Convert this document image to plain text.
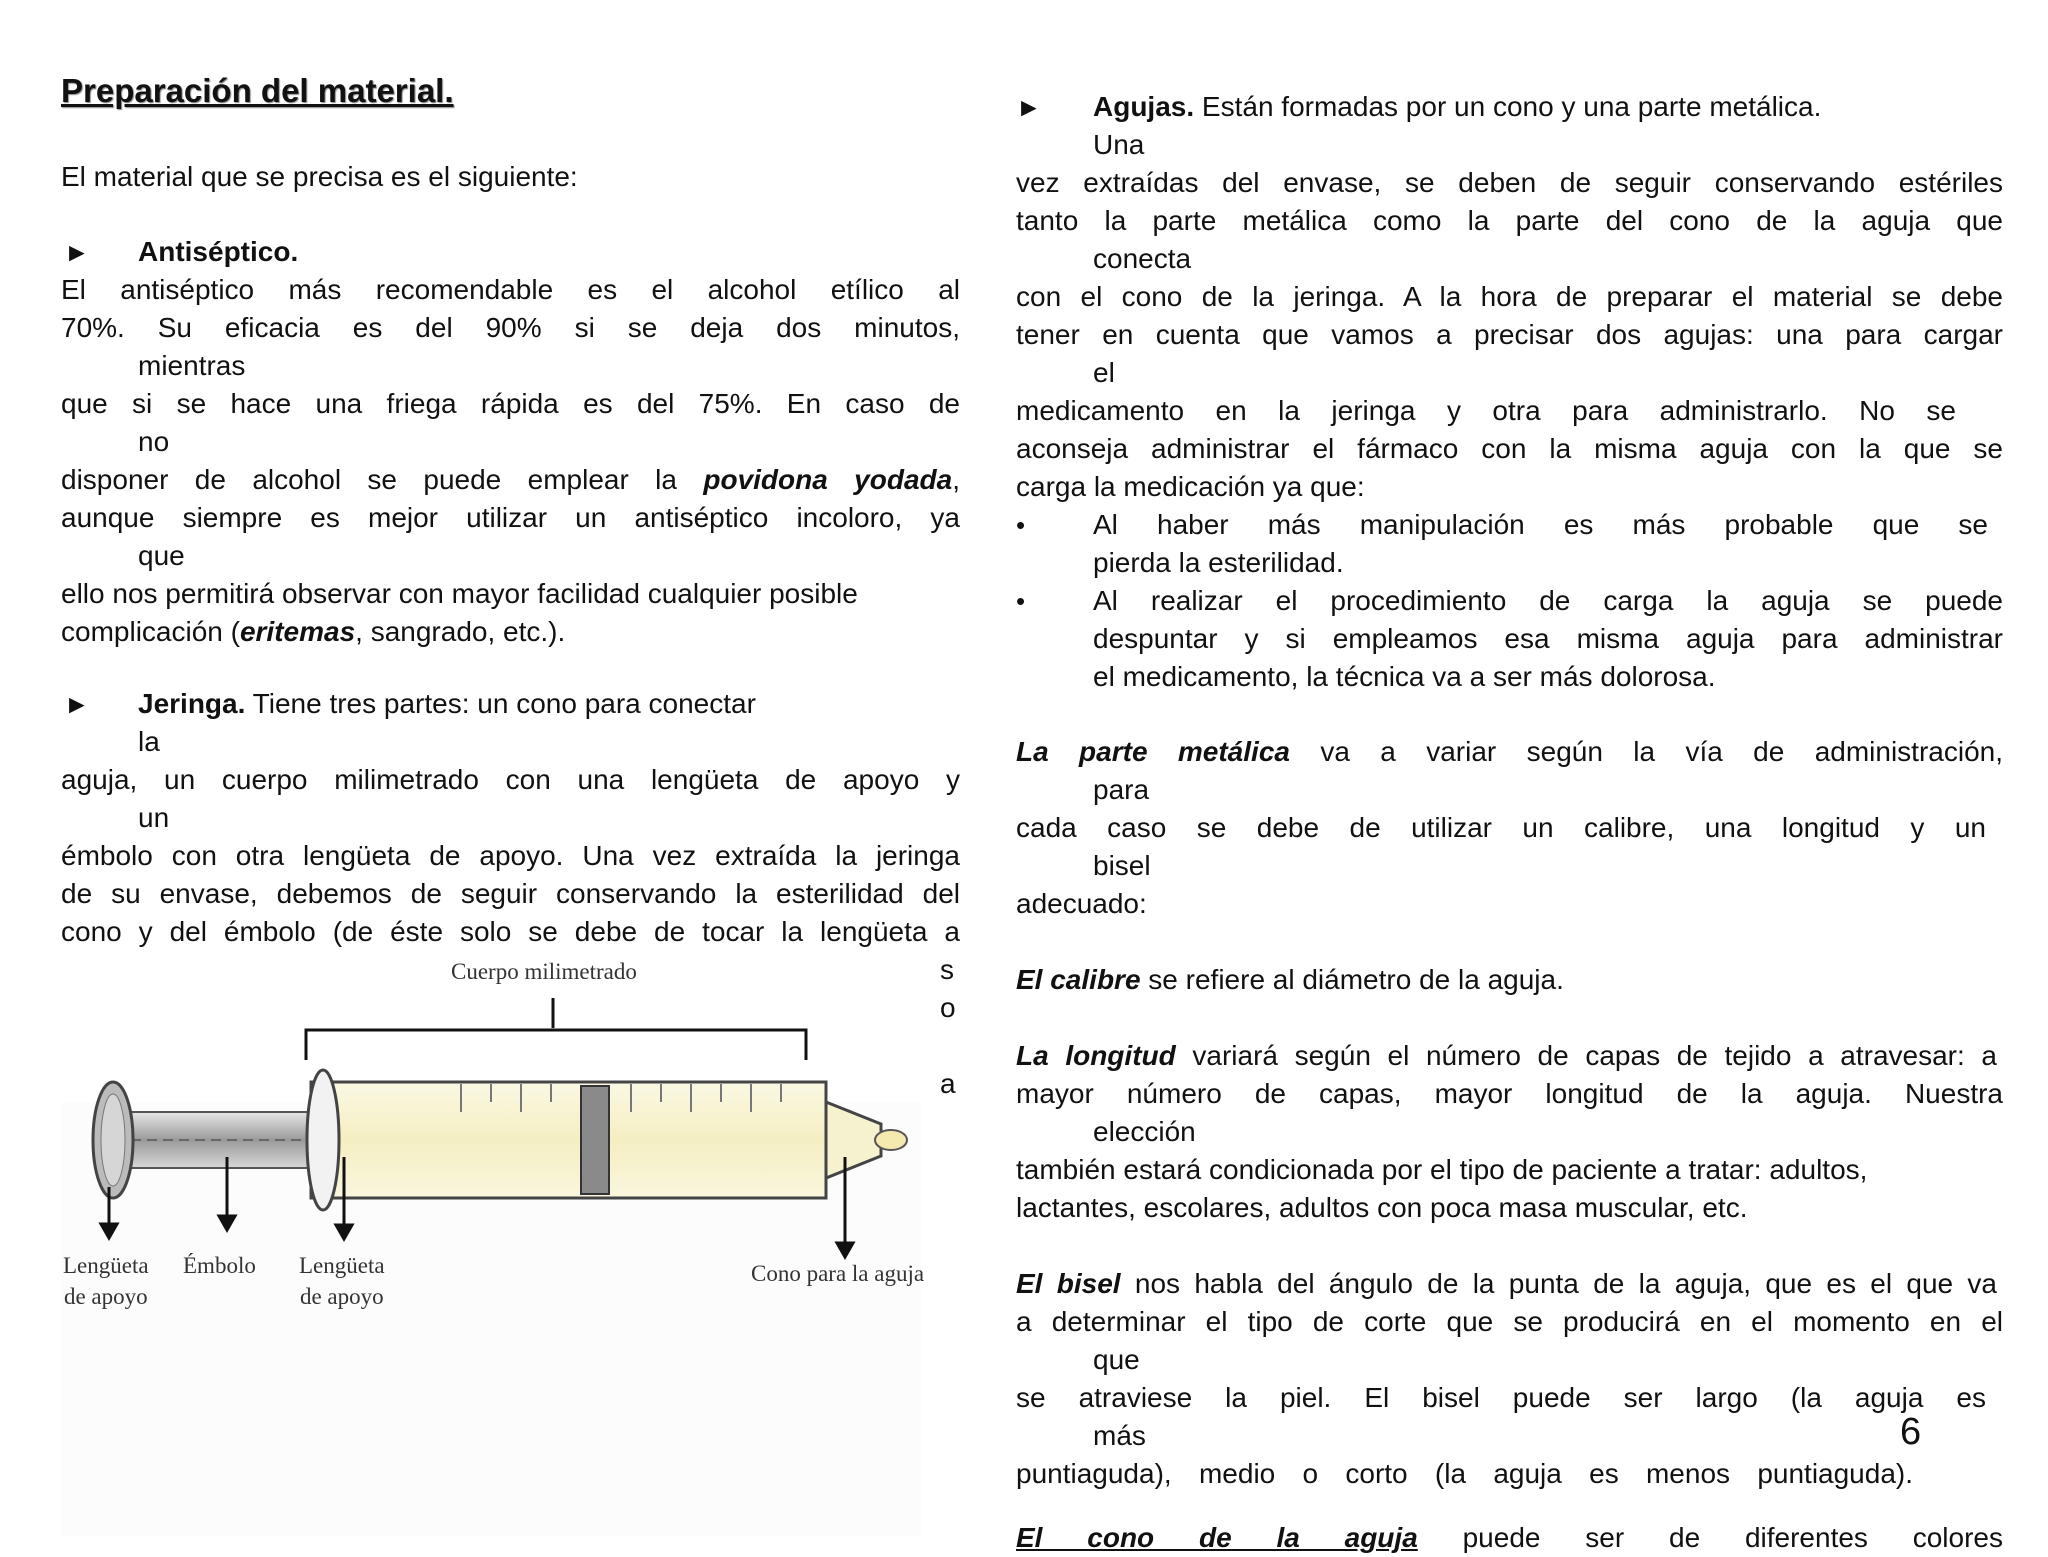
Preparación del material.
El material que se precisa es el siguiente:
► Antiséptico.
El antiséptico más recomendable es el alcohol etílico al
70%. Su eficacia es del 90% si se deja dos minutos,
mientras
que si se hace una friega rápida es del 75%. En caso de
no
disponer de alcohol se puede emplear la povidona yodada,
aunque siempre es mejor utilizar un antiséptico incoloro, ya
que
ello nos permitirá observar con mayor facilidad cualquier posible
complicación (eritemas, sangrado, etc.).
► Jeringa. Tiene tres partes: un cono para conectar
la
aguja, un cuerpo milimetrado con una lengüeta de apoyo y
un
émbolo con otra lengüeta de apoyo. Una vez extraída la jeringa
de su envase, debemos de seguir conservando la esterilidad del
cono y del émbolo (de éste solo se debe de tocar la lengüeta a
Cuerpo milimetrado
Lengüeta
de apoyo
Émbolo Lengüeta
de apoyo
Cono para la aguja
s
o
a
► Agujas. Están formadas por un cono y una parte metálica.
Una
vez extraídas del envase, se deben de seguir conservando estériles
tanto la parte metálica como la parte del cono de la aguja que
conecta
con el cono de la jeringa. A la hora de preparar el material se debe
tener en cuenta que vamos a precisar dos agujas: una para cargar
el
medicamento en la jeringa y otra para administrarlo. No se
aconseja administrar el fármaco con la misma aguja con la que se
carga la medicación ya que:
• Al haber más manipulación es más probable que se
pierda la esterilidad.
• Al realizar el procedimiento de carga la aguja se puede
despuntar y si empleamos esa misma aguja para administrar
el medicamento, la técnica va a ser más dolorosa.
La parte metálica va a variar según la vía de administración,
para
cada caso se debe de utilizar un calibre, una longitud y un
bisel
adecuado:
El calibre se refiere al diámetro de la aguja.
La longitud variará según el número de capas de tejido a atravesar: a
mayor número de capas, mayor longitud de la aguja. Nuestra
elección
también estará condicionada por el tipo de paciente a tratar: adultos,
lactantes, escolares, adultos con poca masa muscular, etc.
El bisel nos habla del ángulo de la punta de la aguja, que es el que va
a determinar el tipo de corte que se producirá en el momento en el
que
se atraviese la piel. El bisel puede ser largo (la aguja es
más
puntiaguda), medio o corto (la aguja es menos puntiaguda).
El cono de la aguja puede ser de diferentes colores
6
